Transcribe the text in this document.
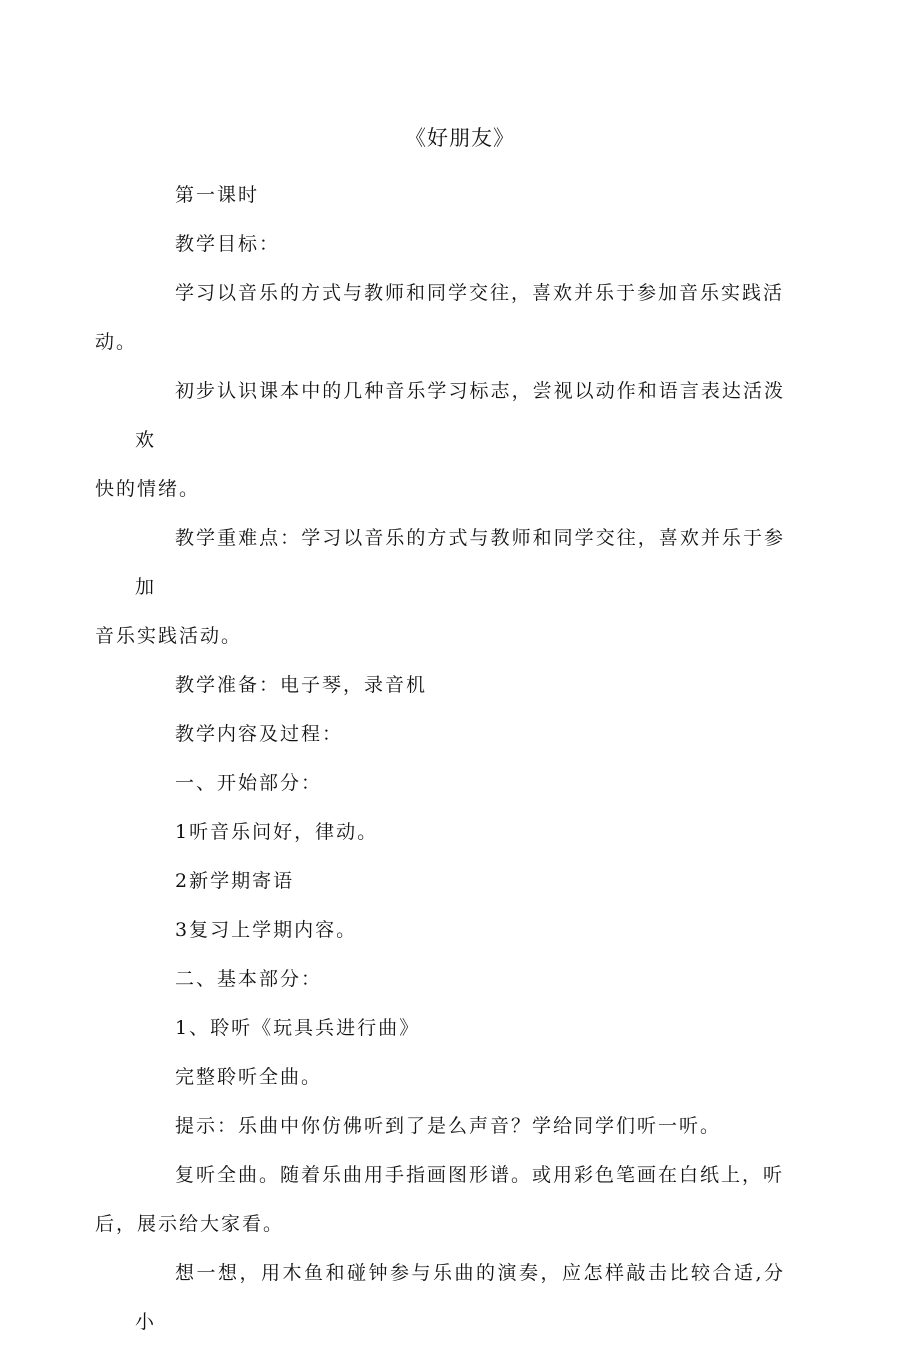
《好朋友》

第一课时

教学目标：

学习以音乐的方式与教师和同学交往，喜欢并乐于参加音乐实践活
动。

初步认识课本中的几种音乐学习标志，尝视以动作和语言表达活泼欢
快的情绪。

教学重难点：学习以音乐的方式与教师和同学交往，喜欢并乐于参加
音乐实践活动。

教学准备：电子琴，录音机

教学内容及过程：

一、开始部分：

1听音乐问好，律动。

2新学期寄语

3复习上学期内容。

二、基本部分：

1、聆听《玩具兵进行曲》

完整聆听全曲。

提示：乐曲中你仿佛听到了是么声音？学给同学们听一听。

复听全曲。随着乐曲用手指画图形谱。或用彩色笔画在白纸上，听
后，展示给大家看。

想一想，用木鱼和碰钟参与乐曲的演奏，应怎样敲击比较合适,分小
